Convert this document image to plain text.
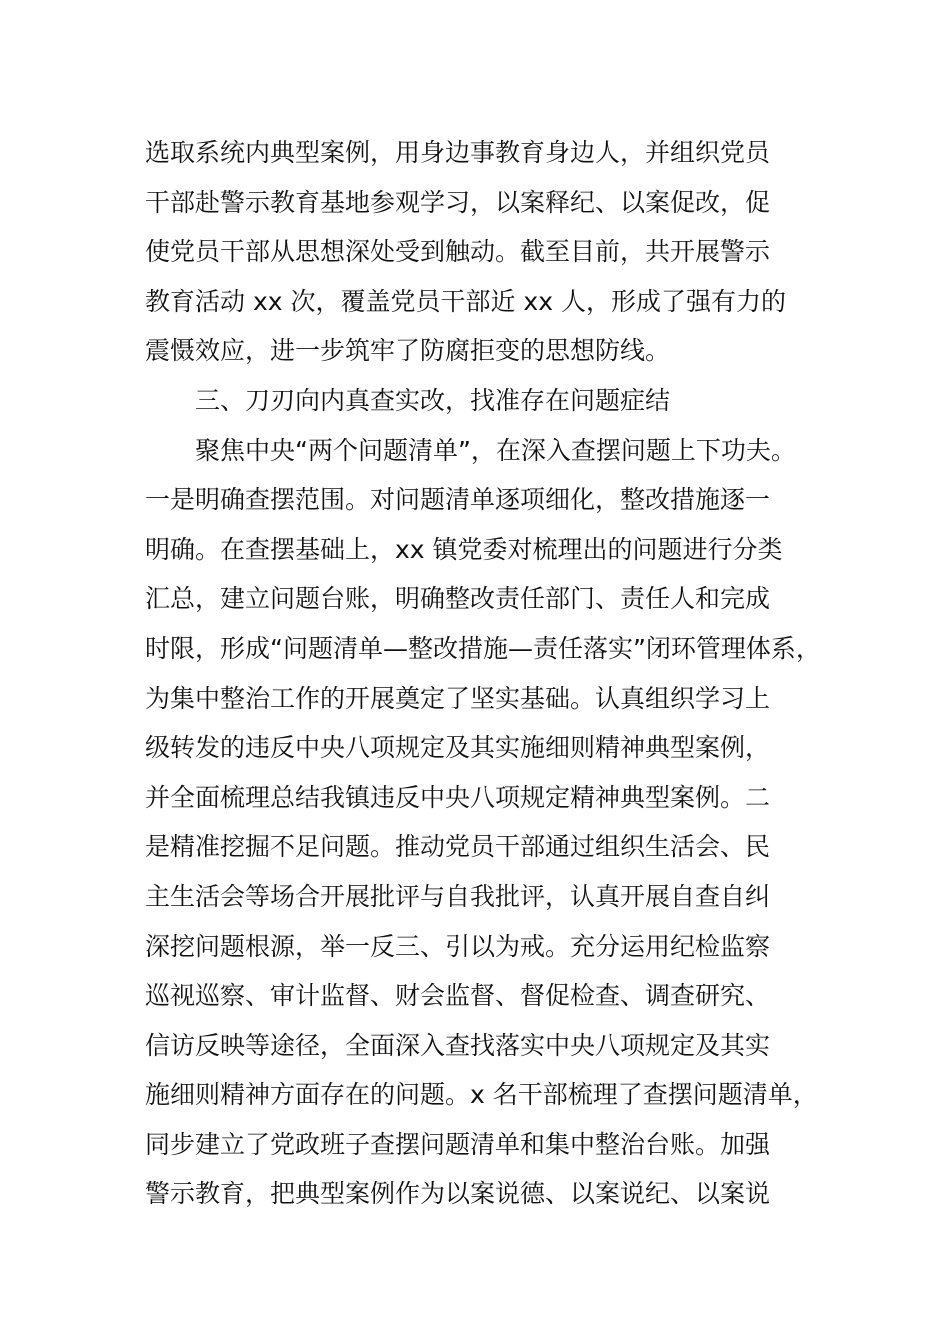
选取系统内典型案例，用身边事教育身边人，并组织党员
干部赴警示教育基地参观学习，以案释纪、以案促改，促
使党员干部从思想深处受到触动。截至目前，共开展警示
教育活动 xx 次，覆盖党员干部近 xx 人，形成了强有力的
震慑效应，进一步筑牢了防腐拒变的思想防线。
三、刀刃向内真查实改，找准存在问题症结
聚焦中央“两个问题清单”，在深入查摆问题上下功夫。
一是明确查摆范围。对问题清单逐项细化，整改措施逐一
明确。在查摆基础上，xx 镇党委对梳理出的问题进行分类
汇总，建立问题台账，明确整改责任部门、责任人和完成
时限，形成“问题清单—整改措施—责任落实”闭环管理体系，
为集中整治工作的开展奠定了坚实基础。认真组织学习上
级转发的违反中央八项规定及其实施细则精神典型案例，
并全面梳理总结我镇违反中央八项规定精神典型案例。二
是精准挖掘不足问题。推动党员干部通过组织生活会、民
主生活会等场合开展批评与自我批评，认真开展自查自纠
深挖问题根源，举一反三、引以为戒。充分运用纪检监察
巡视巡察、审计监督、财会监督、督促检查、调查研究、
信访反映等途径，全面深入查找落实中央八项规定及其实
施细则精神方面存在的问题。x 名干部梳理了查摆问题清单，
同步建立了党政班子查摆问题清单和集中整治台账。加强
警示教育，把典型案例作为以案说德、以案说纪、以案说
